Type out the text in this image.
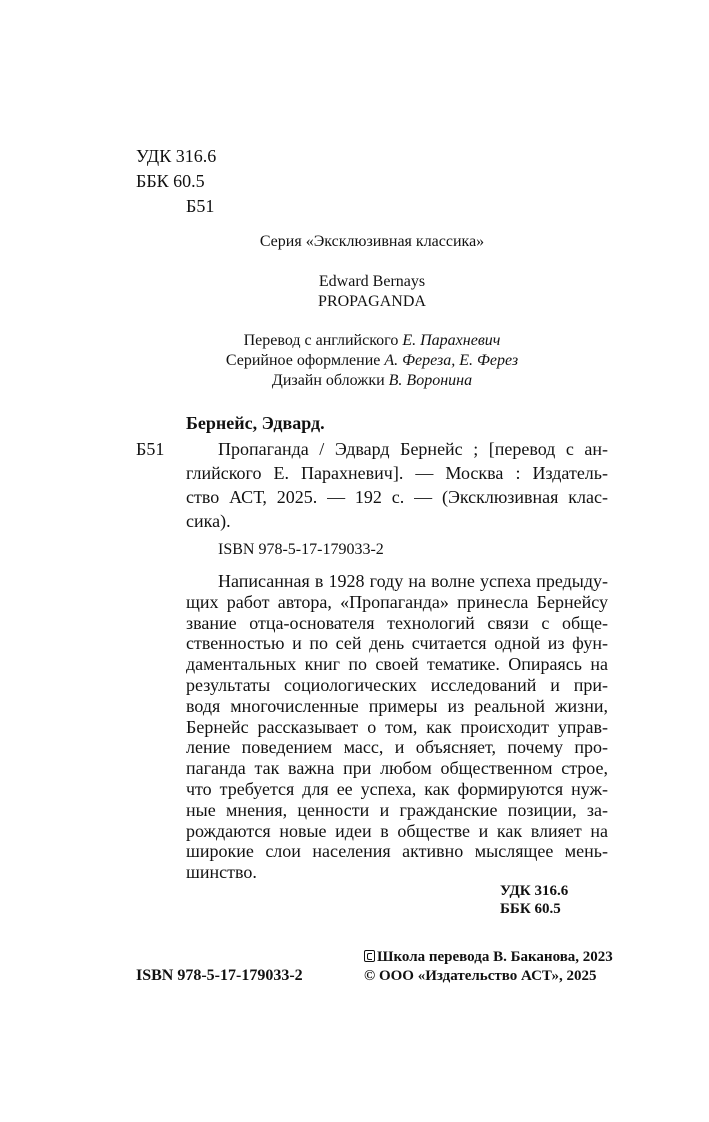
УДК 316.6
ББК 60.5
Б51
Серия «Эксклюзивная классика»
Edward Bernays
PROPAGANDA
Перевод с английского Е. Парахневич
Серийное оформление А. Фереза, Е. Ферез
Дизайн обложки В. Воронина
Бернейс, Эдвард.
Б51	Пропаганда / Эдвард Бернейс ; [перевод с ан-
глийского Е. Парахневич]. — Москва : Издатель-
ство АСТ, 2025. — 192 с. — (Эксклюзивная клас-
сика).
ISBN 978-5-17-179033-2
Написанная в 1928 году на волне успеха предыду-
щих работ автора, «Пропаганда» принесла Бернейсу
звание отца-основателя технологий связи с обще-
ственностью и по сей день считается одной из фун-
даментальных книг по своей тематике. Опираясь на
результаты социологических исследований и при-
водя многочисленные примеры из реальной жизни,
Бернейс рассказывает о том, как происходит управ-
ление поведением масс, и объясняет, почему про-
паганда так важна при любом общественном строе,
что требуется для ее успеха, как формируются нуж-
ные мнения, ценности и гражданские позиции, за-
рождаются новые идеи в обществе и как влияет на
широкие слои населения активно мыслящее мень-
шинство.
УДК 316.6
ББК 60.5
ISBN 978-5-17-179033-2
Школа перевода В. Баканова, 2023
© ООО «Издательство АСТ», 2025
